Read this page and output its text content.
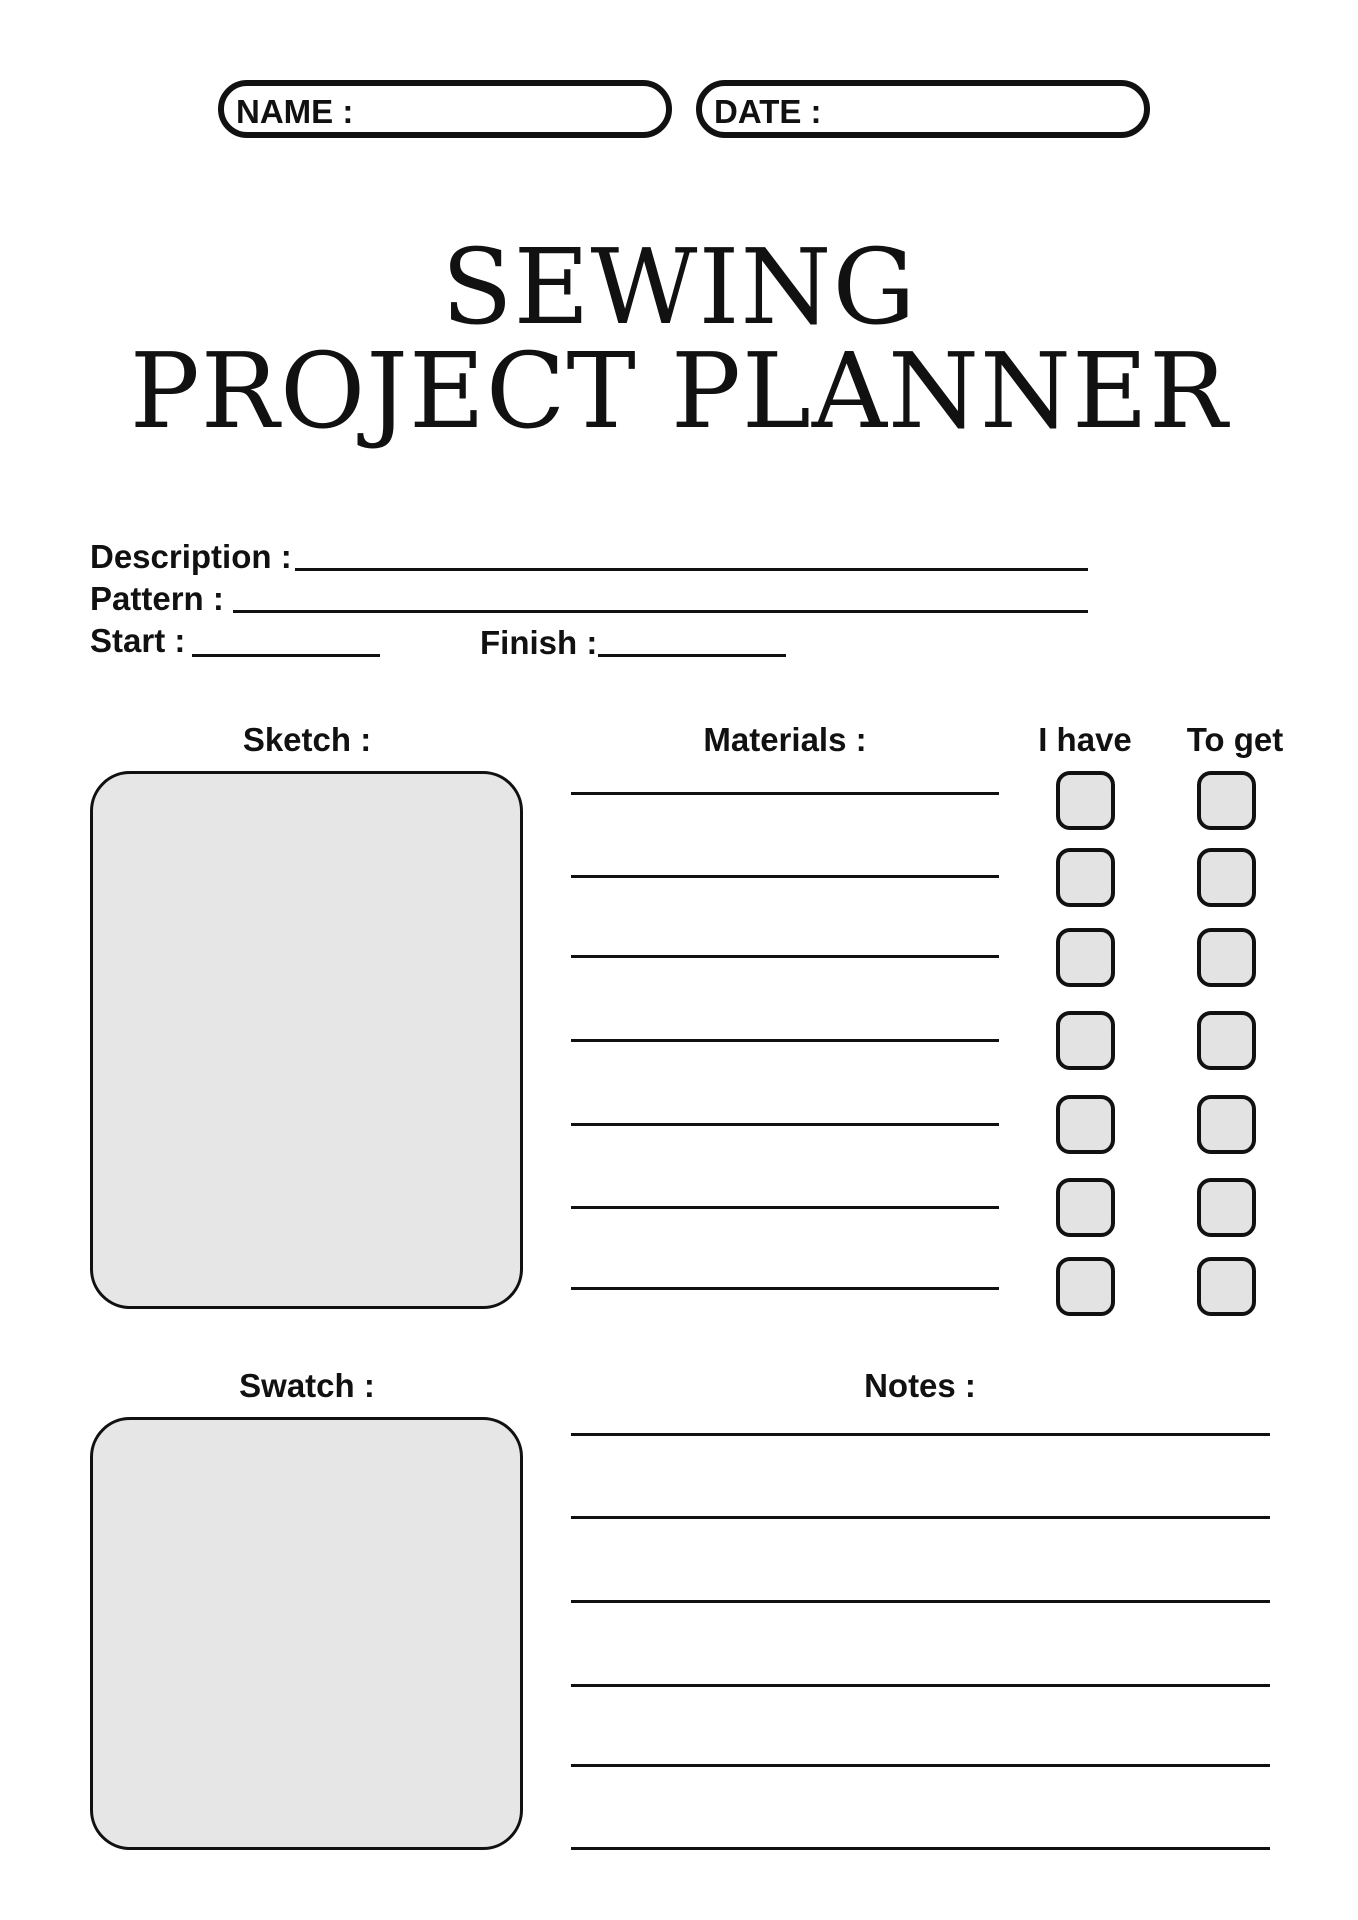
NAME :	DATE :
SEWING
PROJECT PLANNER
Description :
Pattern :
Start :	Finish :
Sketch :	Materials :	I have	To get
Swatch :	Notes :
